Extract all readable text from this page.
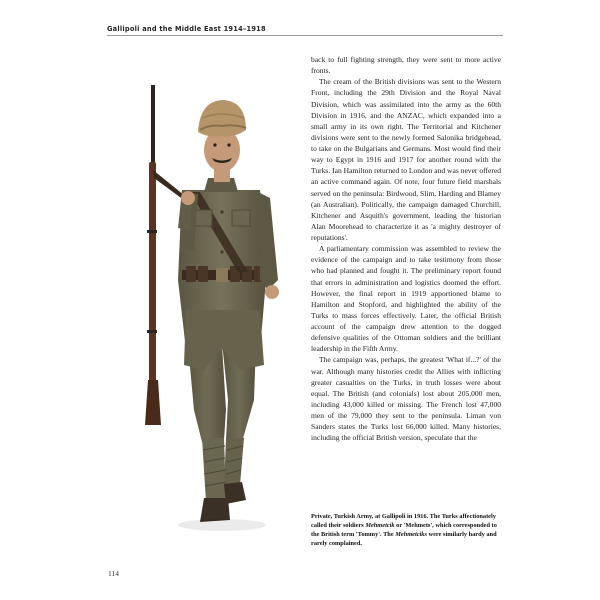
Gallipoli and the Middle East 1914–1918

back to full fighting strength, they were sent to more active fronts.

The cream of the British divisions was sent to the Western Front, including the 29th Division and the Royal Naval Division, which was assimilated into the army as the 60th Division in 1916, and the ANZAC, which expanded into a small army in its own right. The Territorial and Kitchener divisions were sent to the newly formed Salonika bridgehead, to take on the Bulgarians and Germans. Most would find their way to Egypt in 1916 and 1917 for another round with the Turks. Ian Hamilton returned to London and was never offered an active command again. Of note, four future field marshals served on the peninsula: Birdwood, Slim, Harding and Blamey (an Australian). Politically, the campaign damaged Churchill, Kitchener and Asquith's government, leading the historian Alan Moorehead to characterize it as 'a mighty destroyer of reputations'.

A parliamentary commission was assembled to review the evidence of the campaign and to take testimony from those who had planned and fought it. The preliminary report found that errors in administration and logistics doomed the effort. However, the final report in 1919 apportioned blame to Hamilton and Stopford, and highlighted the ability of the Turks to mass forces effectively. Later, the official British account of the campaign drew attention to the dogged defensive qualities of the Ottoman soldiers and the brilliant leadership in the Fifth Army.

The campaign was, perhaps, the greatest 'What if...?' of the war. Although many histories credit the Allies with inflicting greater casualties on the Turks, in truth losses were about equal. The British (and colonials) lost about 205,000 men, including 43,000 killed or missing. The French lost 47,000 men of the 79,000 they sent to the peninsula. Liman von Sanders states the Turks lost 66,000 killed. Many histories, including the official British version, speculate that the

Private, Turkish Army, at Gallipoli in 1916. The Turks affectionately called their soldiers Mehmetcik or 'Mehmets', which corresponded to the British term 'Tommy'. The Mehmetciks were similarly hardy and rarely complained.

114
